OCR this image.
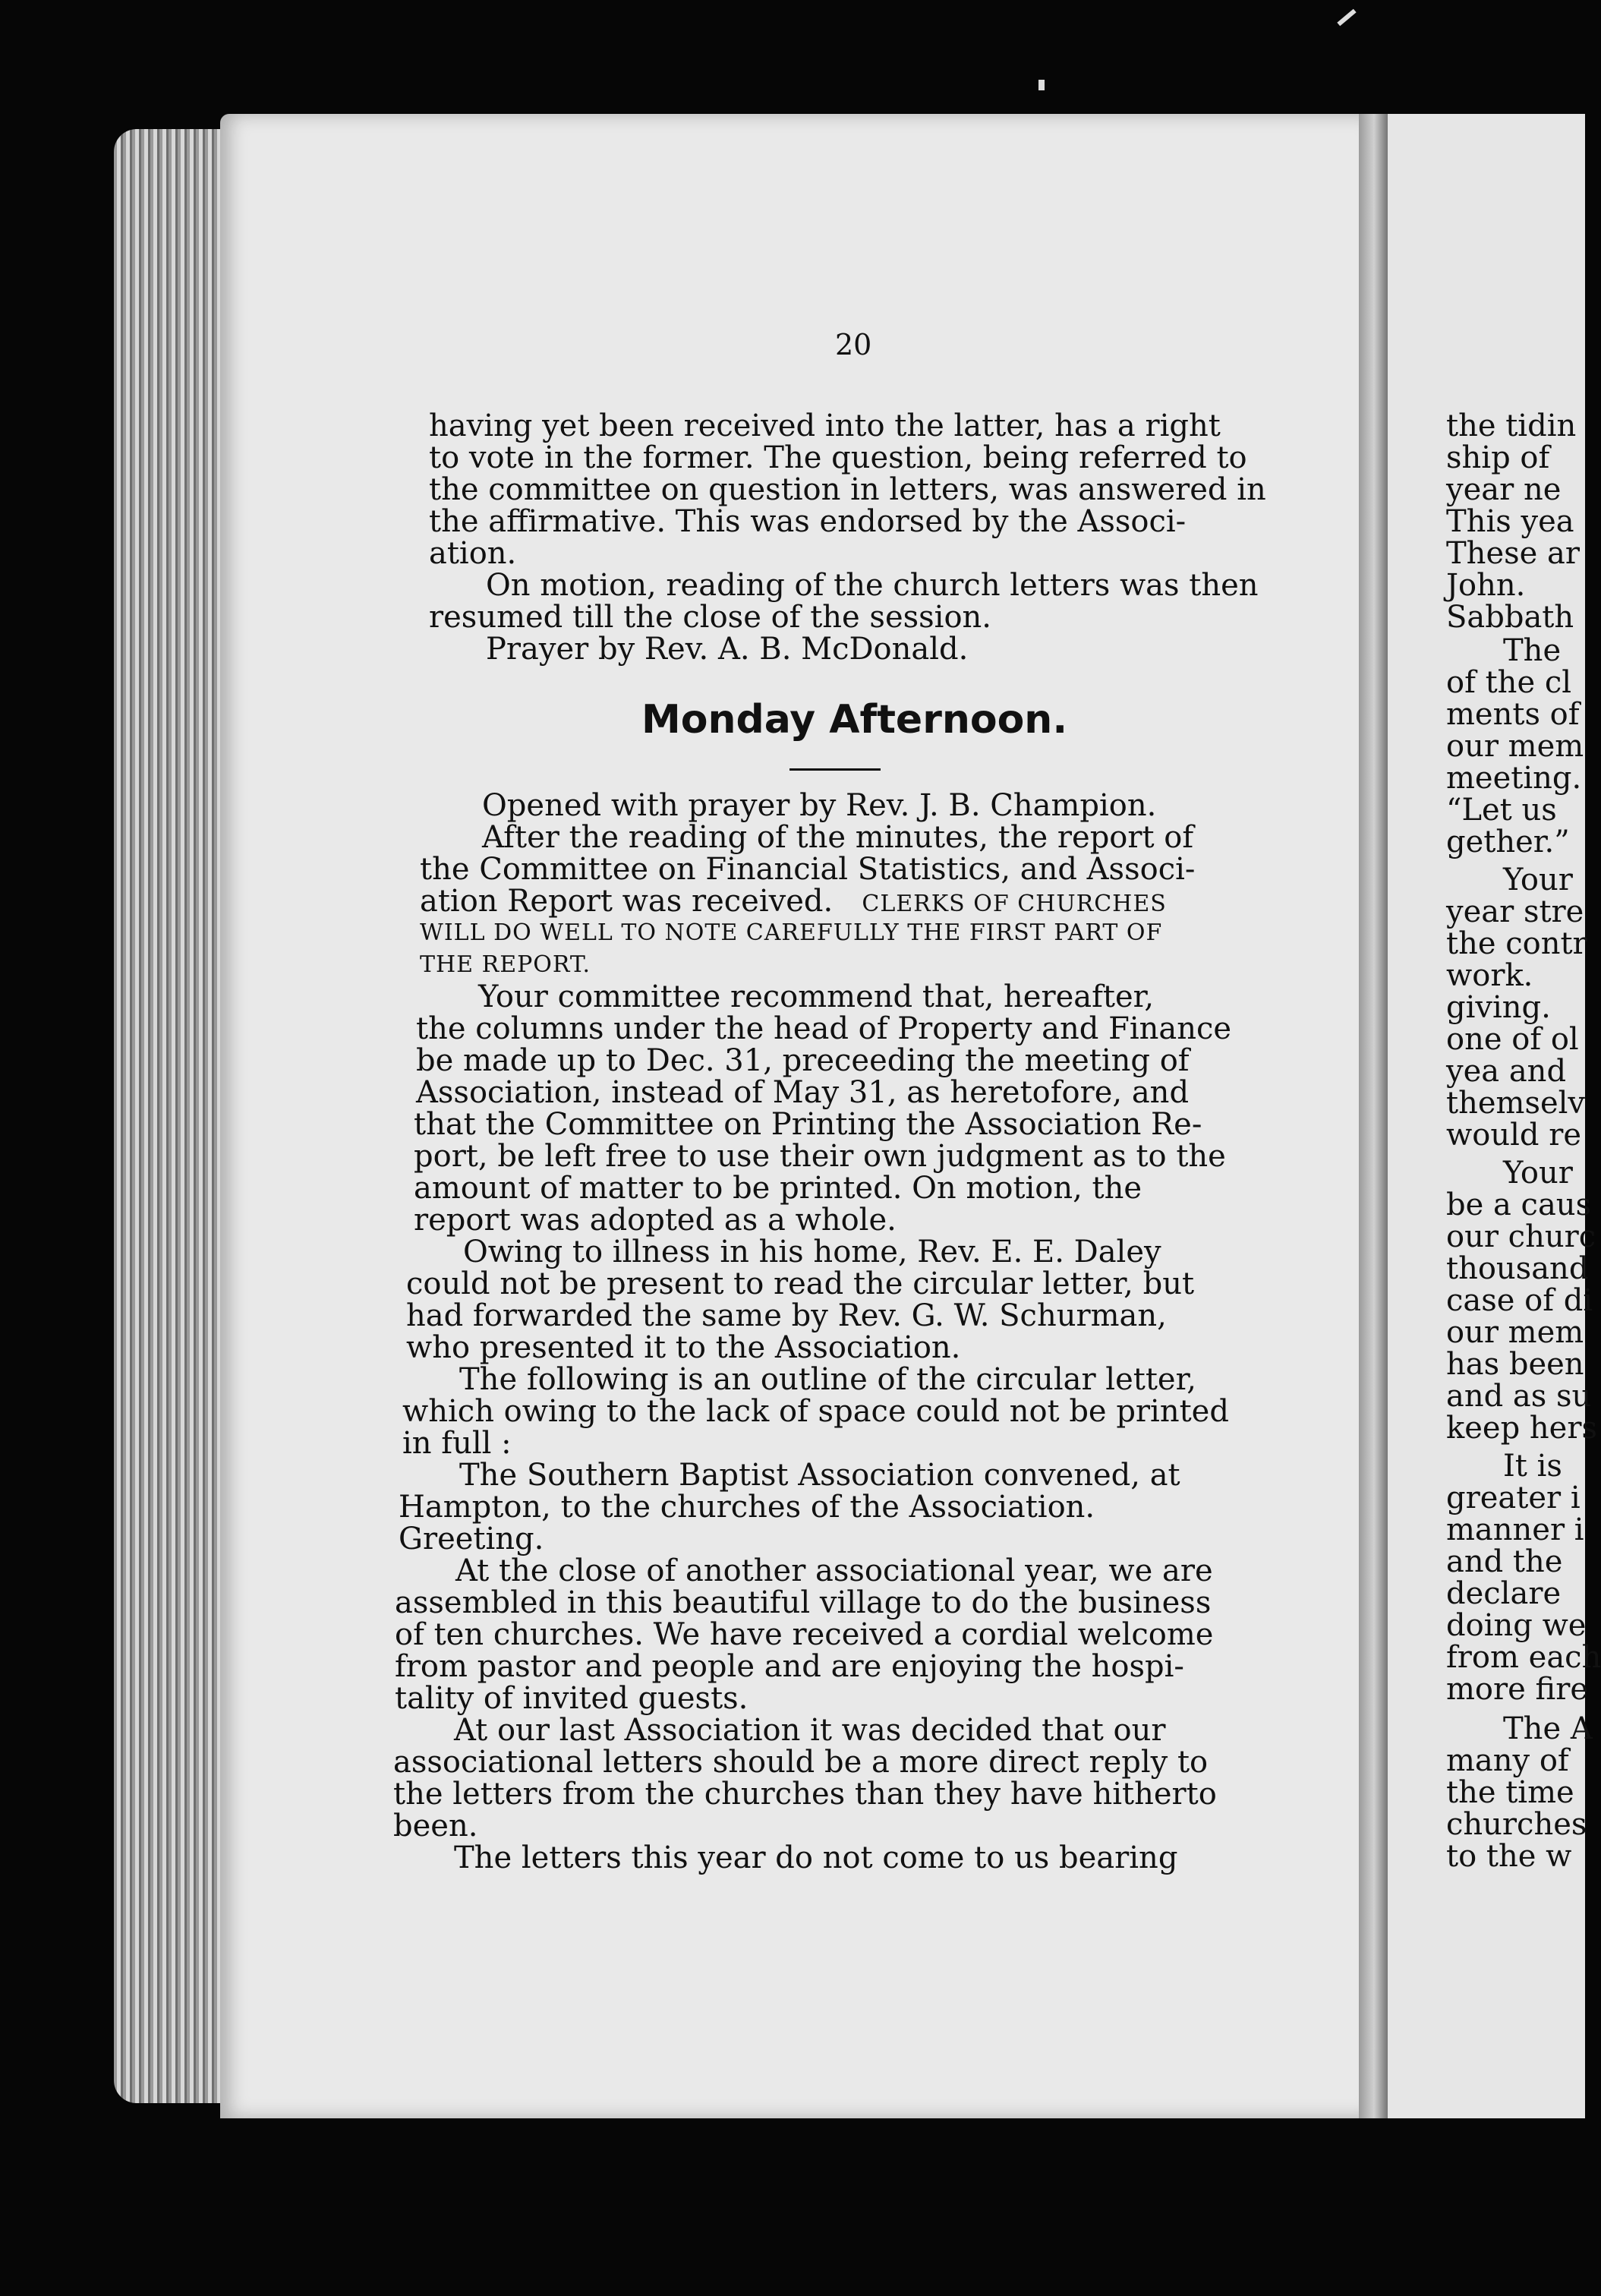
20
having yet been received into the latter, has a right
to vote in the former. The question, being referred to
the committee on question in letters, was answered in
the affirmative. This was endorsed by the Associ-
ation.
On motion, reading of the church letters was then
resumed till the close of the session.
Prayer by Rev. A. B. McDonald.
Monday Afternoon.
Opened with prayer by Rev. J. B. Champion.
After the reading of the minutes, the report of
the Committee on Financial Statistics, and Associ-
ation Report was received. CLERKS OF CHURCHES
WILL DO WELL TO NOTE CAREFULLY THE FIRST PART OF
THE REPORT.
Your committee recommend that, hereafter,
the columns under the head of Property and Finance
be made up to Dec. 31, preceeding the meeting of
Association, instead of May 31, as heretofore, and
that the Committee on Printing the Association Re-
port, be left free to use their own judgment as to the
amount of matter to be printed. On motion, the
report was adopted as a whole.
Owing to illness in his home, Rev. E. E. Daley
could not be present to read the circular letter, but
had forwarded the same by Rev. G. W. Schurman,
who presented it to the Association.
The following is an outline of the circular letter,
which owing to the lack of space could not be printed
in full :
The Southern Baptist Association convened, at
Hampton, to the churches of the Association.
Greeting.
At the close of another associational year, we are
assembled in this beautiful village to do the business
of ten churches. We have received a cordial welcome
from pastor and people and are enjoying the hospi-
tality of invited guests.
At our last Association it was decided that our
associational letters should be a more direct reply to
the letters from the churches than they have hitherto
been.
The letters this year do not come to us bearing
the tidin
ship of
year ne
This yea
These ar
John.
Sabbath
The
of the cl
ments of
our mem
meeting.
“Let us
gether.”
Your
year stre
the contr
work.
giving.
one of ol
yea and
themselv
would re
Your
be a caus
our churc
thousand
case of di
our mem
has been
and as su
keep hers
It is
greater i
manner i
and the
declare
doing we
from each
more fire
The A
many of
the time
churches
to the w
